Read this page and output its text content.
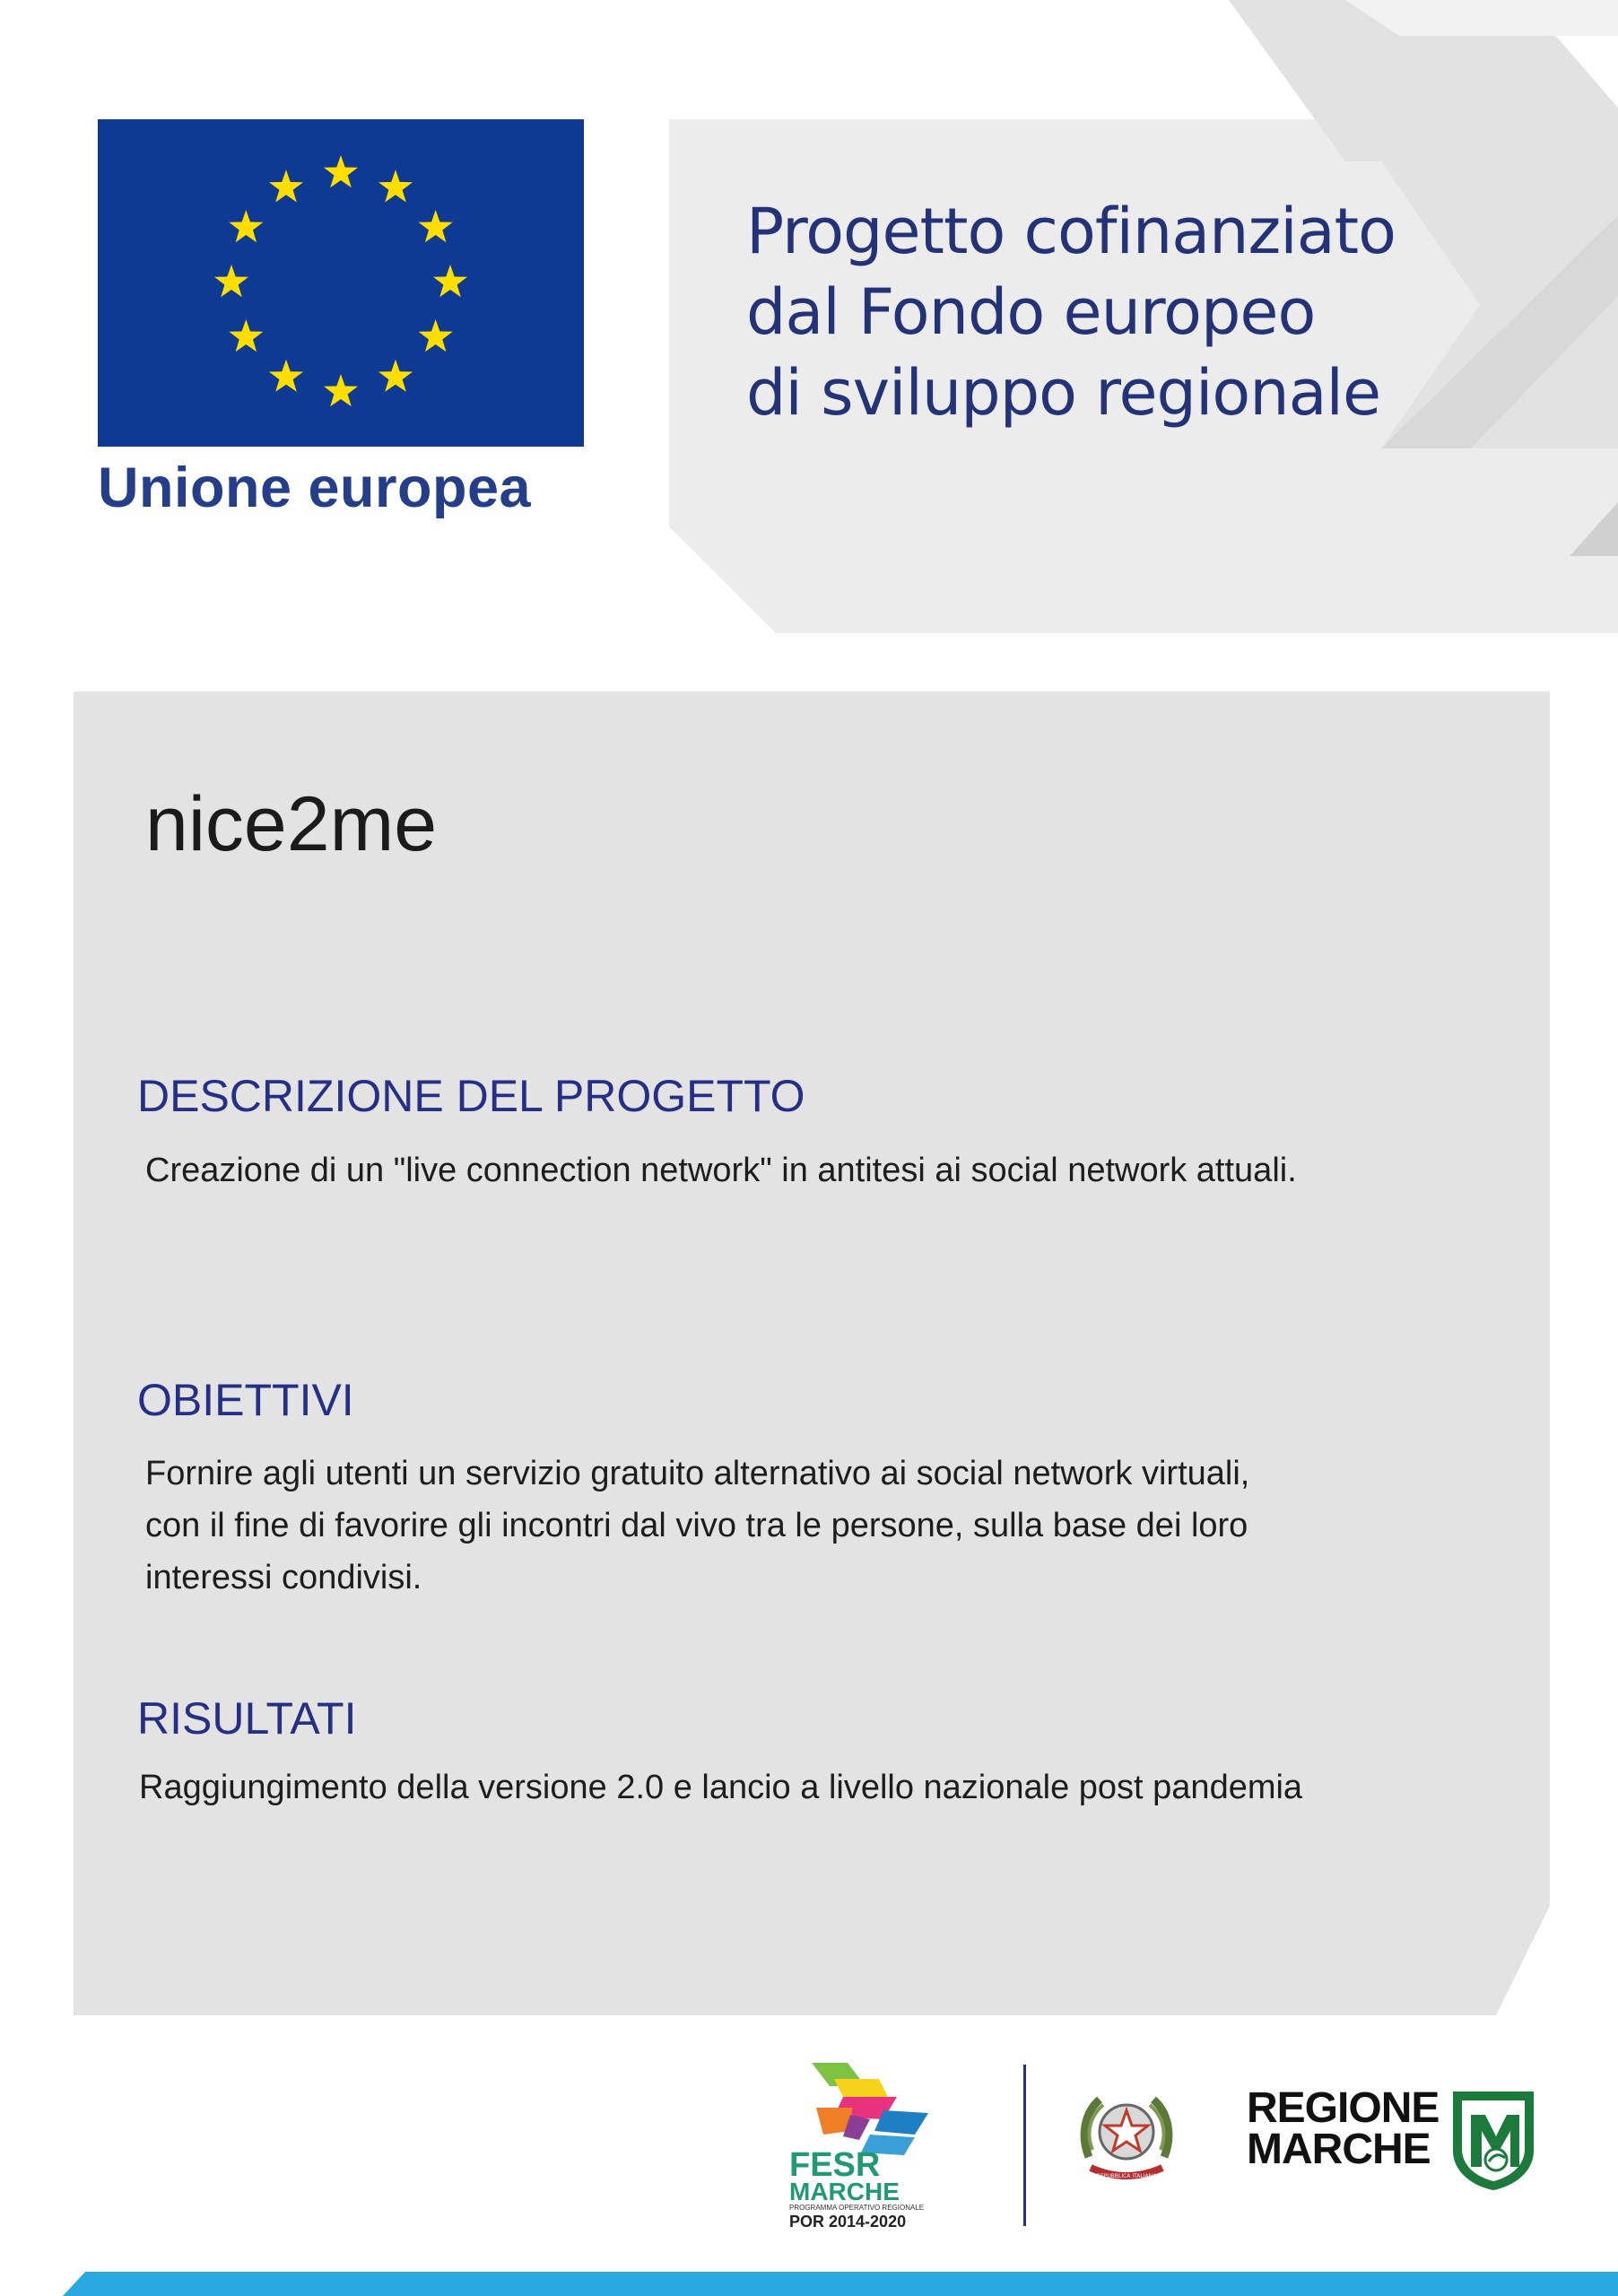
Unione europea
Progetto cofinanziato
dal Fondo europeo
di sviluppo regionale
nice2me
DESCRIZIONE DEL PROGETTO
Creazione di un "live connection network" in antitesi ai social network attuali.
OBIETTIVI
Fornire agli utenti un servizio gratuito alternativo ai social network virtuali,
con il fine di favorire gli incontri dal vivo tra le persone, sulla base dei loro
interessi condivisi.
RISULTATI
Raggiungimento della versione 2.0 e lancio a livello nazionale post pandemia
FESR
MARCHE
PROGRAMMA OPERATIVO REGIONALE
POR 2014-2020
REPUBBLICA ITALIANA
REGIONE
MARCHE
